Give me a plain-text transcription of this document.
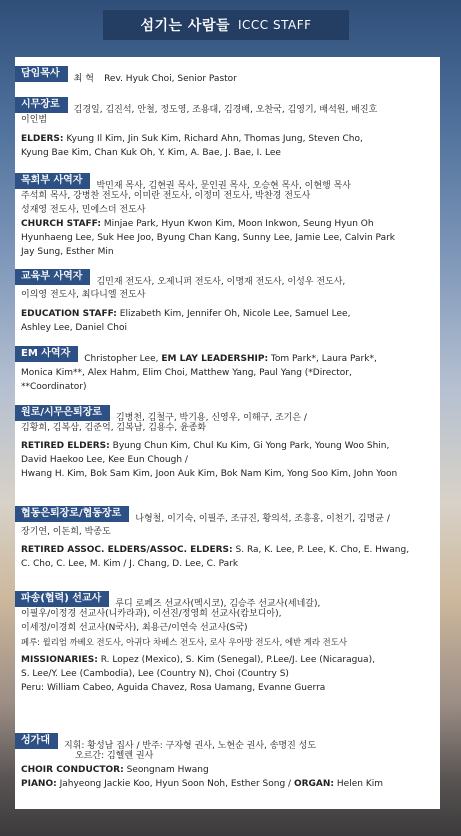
섬기는 사람들 ICCC STAFF
담임목사 최 혁 Rev. Hyuk Choi, Senior Pastor
시무장로 김경일, 김진석, 안철, 정도영, 조용대, 김경배, 오찬국, 김영기, 배석원, 배진호
이인범
ELDERS: Kyung Il Kim, Jin Suk Kim, Richard Ahn, Thomas Jung, Steven Cho,
Kyung Bae Kim, Chan Kuk Oh, Y. Kim, A. Bae, J. Bae, I. Lee
목회부 사역자 박민재 목사, 김현권 목사, 문인권 목사, 오승현 목사, 이현행 목사
주석희 목사, 강병찬 전도사, 이미란 전도사, 이정미 전도사, 박찬경 전도사
성재영 전도사, 민에스더 전도사
CHURCH STAFF: Minjae Park, Hyun Kwon Kim, Moon Inkwon, Seung Hyun Oh
Hyunhaeng Lee, Suk Hee Joo, Byung Chan Kang, Sunny Lee, Jamie Lee, Calvin Park
Jay Sung, Esther Min
교육부 사역자 김민재 전도사, 오제니퍼 전도사, 이명재 전도사, 이성우 전도사,
이의영 전도사, 최다니엘 전도사
EDUCATION STAFF: Elizabeth Kim, Jennifer Oh, Nicole Lee, Samuel Lee,
Ashley Lee, Daniel Choi
EM 사역자 Christopher Lee, EM LAY LEADERSHIP: Tom Park*, Laura Park*,
Monica Kim**, Alex Hahm, Elim Choi, Matthew Yang, Paul Yang (*Director,
**Coordinator)
원로/시무은퇴장로 김병천, 김철구, 박기용, 신영우, 이해구, 조기은 /
김황희, 김복삼, 김준억, 김복남, 김용수, 윤종화
RETIRED ELDERS: Byung Chun Kim, Chul Ku Kim, Gi Yong Park, Young Woo Shin,
David Haekoo Lee, Kee Eun Chough /
Hwang H. Kim, Bok Sam Kim, Joon Auk Kim, Bok Nam Kim, Yong Soo Kim, John Yoon
협동은퇴장로/협동장로 나형철, 이기숙, 이필주, 조규진, 황의석, 조흥홍, 이천기, 김명균 /
장기연, 이돈희, 박종도
RETIRED ASSOC. ELDERS/ASSOC. ELDERS: S. Ra, K. Lee, P. Lee, K. Cho, E. Hwang,
C. Cho, C. Lee, M. Kim / J. Chang, D. Lee, C. Park
파송(협력) 선교사 루디 로페즈 선교사(멕시코), 김승주 선교사(세네갈),
이필우/이정경 선교사(니카라과), 이선진/정영희 선교사(캄보디아),
이세정/이경희 선교사(N국사), 최용근/이연숙 선교사(S국)
페루: 윌리엄 까베오 전도사, 아귀다 차베스 전도사, 로사 우아망 전도사, 에반 게라 전도사
MISSIONARIES: R. Lopez (Mexico), S. Kim (Senegal), P.Lee/J. Lee (Nicaragua),
S. Lee/Y. Lee (Cambodia), Lee (Country N), Choi (Country S)
Peru: William Cabeo, Aguida Chavez, Rosa Uamang, Evanne Guerra
성가대 지휘: 황성남 집사 / 반주: 구자형 권사, 노현순 권사, 송명진 성도
오르간: 김헬렌 권사
CHOIR CONDUCTOR: Seongnam Hwang
PIANO: Jahyeong Jackie Koo, Hyun Soon Noh, Esther Song / ORGAN: Helen Kim
